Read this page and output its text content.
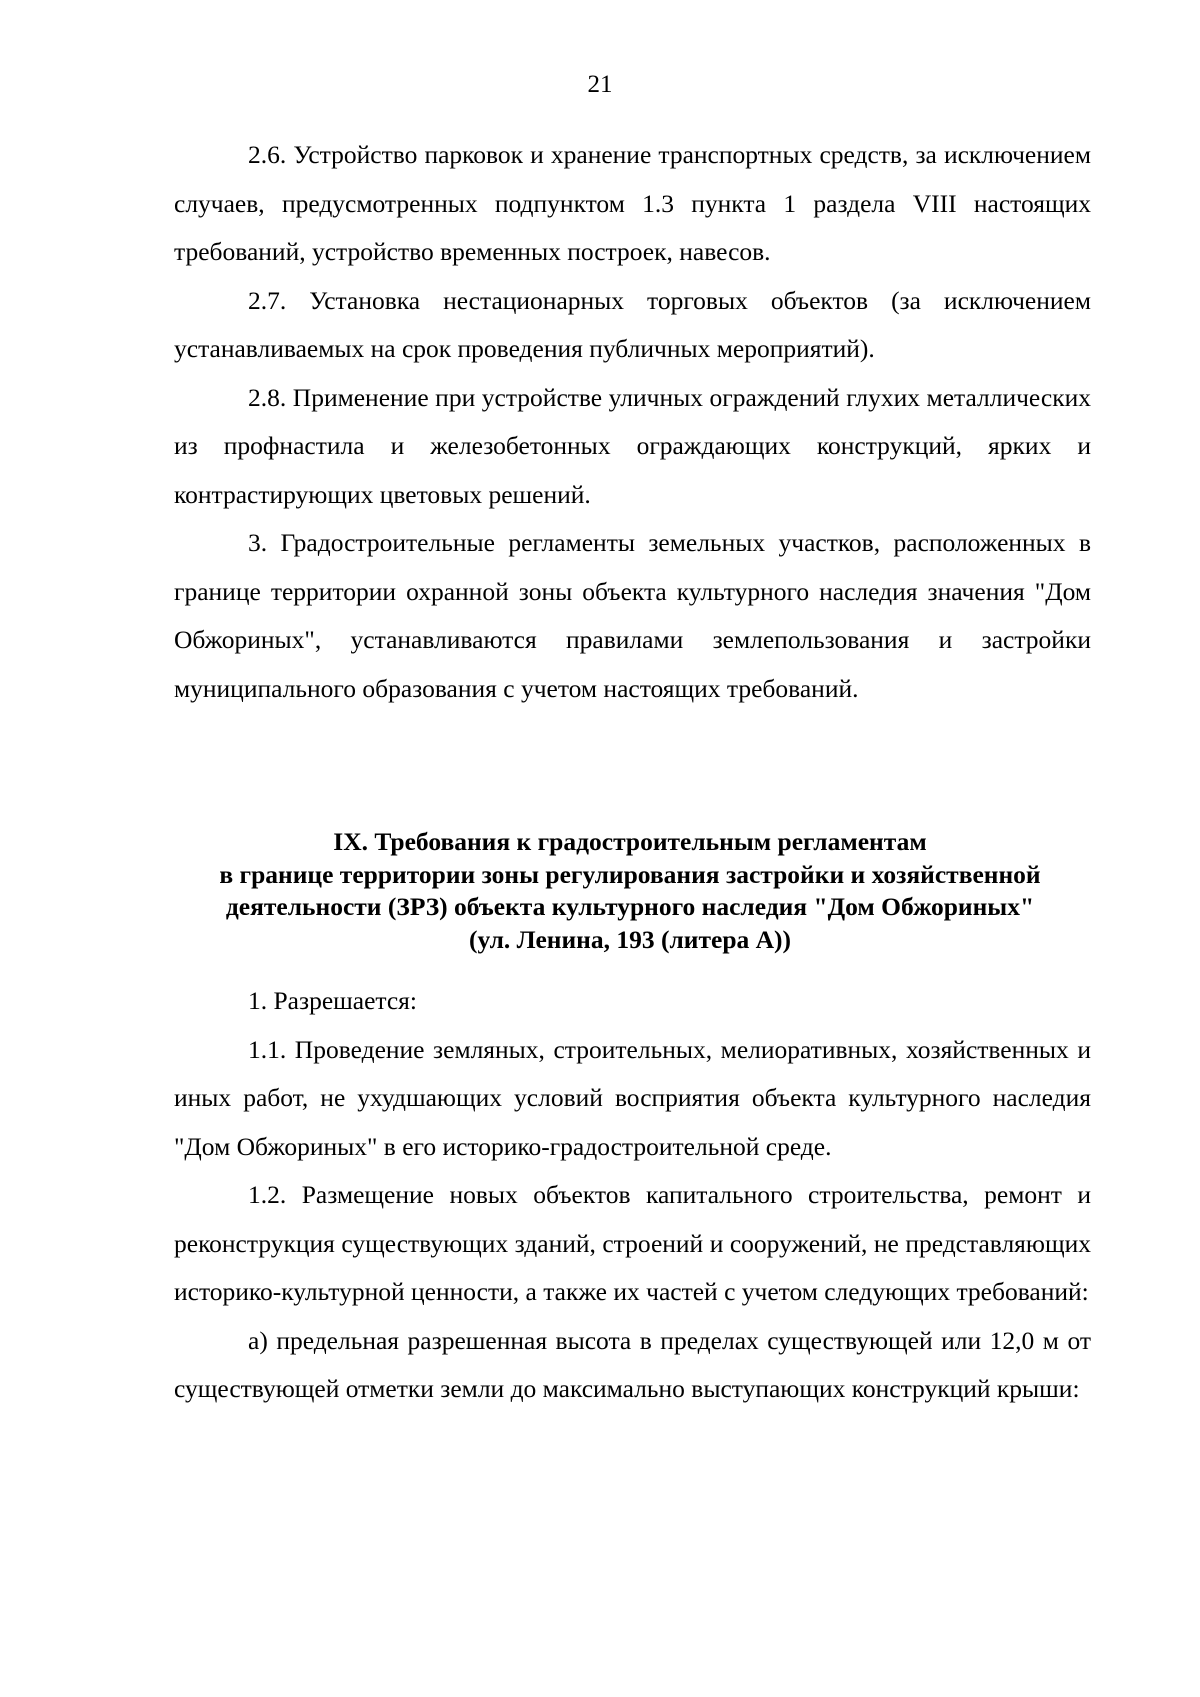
21

2.6. Устройство парковок и хранение транспортных средств, за исключением случаев, предусмотренных подпунктом 1.3 пункта 1 раздела VIII настоящих требований, устройство временных построек, навесов.

2.7. Установка нестационарных торговых объектов (за исключением устанавливаемых на срок проведения публичных мероприятий).

2.8. Применение при устройстве уличных ограждений глухих металлических из профнастила и железобетонных ограждающих конструкций, ярких и контрастирующих цветовых решений.

3. Градостроительные регламенты земельных участков, расположенных в границе территории охранной зоны объекта культурного наследия значения "Дом Обжориных", устанавливаются правилами землепользования и застройки муниципального образования с учетом настоящих требований.

IX. Требования к градостроительным регламентам
в границе территории зоны регулирования застройки и хозяйственной
деятельности (ЗРЗ) объекта культурного наследия "Дом Обжориных"
(ул. Ленина, 193 (литера А))

1. Разрешается:

1.1. Проведение земляных, строительных, мелиоративных, хозяйственных и иных работ, не ухудшающих условий восприятия объекта культурного наследия "Дом Обжориных" в его историко-градостроительной среде.

1.2. Размещение новых объектов капитального строительства, ремонт и реконструкция существующих зданий, строений и сооружений, не представляющих историко-культурной ценности, а также их частей с учетом следующих требований:

а) предельная разрешенная высота в пределах существующей или 12,0 м от существующей отметки земли до максимально выступающих конструкций крыши:
